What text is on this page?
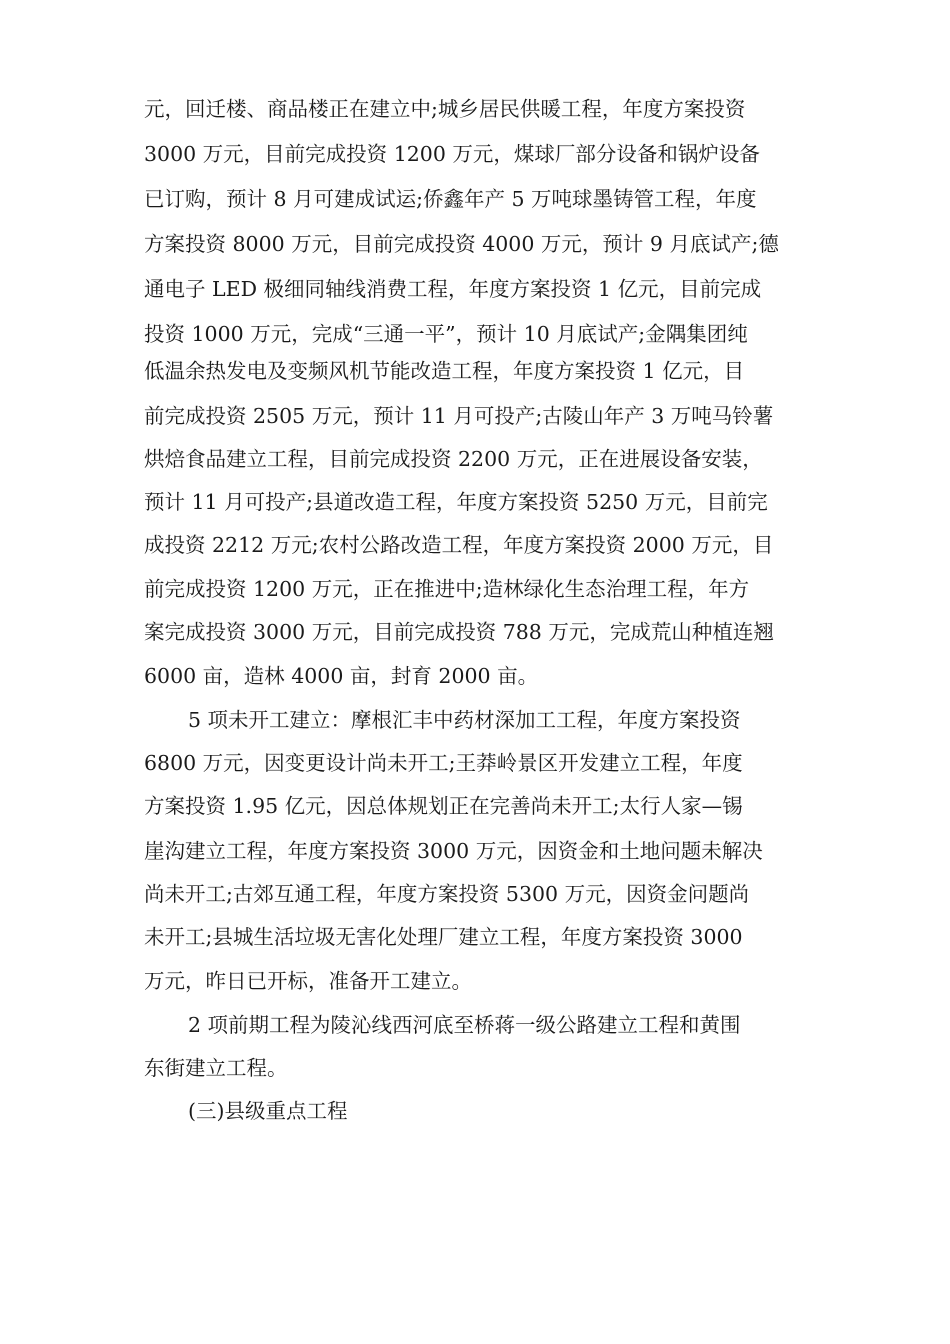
元，回迁楼、商品楼正在建立中;城乡居民供暖工程，年度方案投资
3000 万元，目前完成投资 1200 万元，煤球厂部分设备和锅炉设备
已订购，预计 8 月可建成试运;侨鑫年产 5 万吨球墨铸管工程，年度
方案投资 8000 万元，目前完成投资 4000 万元，预计 9 月底试产;德
通电子 LED 极细同轴线消费工程，年度方案投资 1 亿元，目前完成
投资 1000 万元，完成“三通一平”，预计 10 月底试产;金隅集团纯
低温余热发电及变频风机节能改造工程，年度方案投资 1 亿元，目
前完成投资 2505 万元，预计 11 月可投产;古陵山年产 3 万吨马铃薯
烘焙食品建立工程，目前完成投资 2200 万元，正在进展设备安装，
预计 11 月可投产;县道改造工程，年度方案投资 5250 万元，目前完
成投资 2212 万元;农村公路改造工程，年度方案投资 2000 万元，目
前完成投资 1200 万元，正在推进中;造林绿化生态治理工程，年方
案完成投资 3000 万元，目前完成投资 788 万元，完成荒山种植连翘
6000 亩，造林 4000 亩，封育 2000 亩。
5 项未开工建立：摩根汇丰中药材深加工工程，年度方案投资
6800 万元，因变更设计尚未开工;王莽岭景区开发建立工程，年度
方案投资 1.95 亿元，因总体规划正在完善尚未开工;太行人家—锡
崖沟建立工程，年度方案投资 3000 万元，因资金和土地问题未解决
尚未开工;古郊互通工程，年度方案投资 5300 万元，因资金问题尚
未开工;县城生活垃圾无害化处理厂建立工程，年度方案投资 3000
万元，昨日已开标，准备开工建立。
2 项前期工程为陵沁线西河底至桥蒋一级公路建立工程和黄围
东街建立工程。
(三)县级重点工程
